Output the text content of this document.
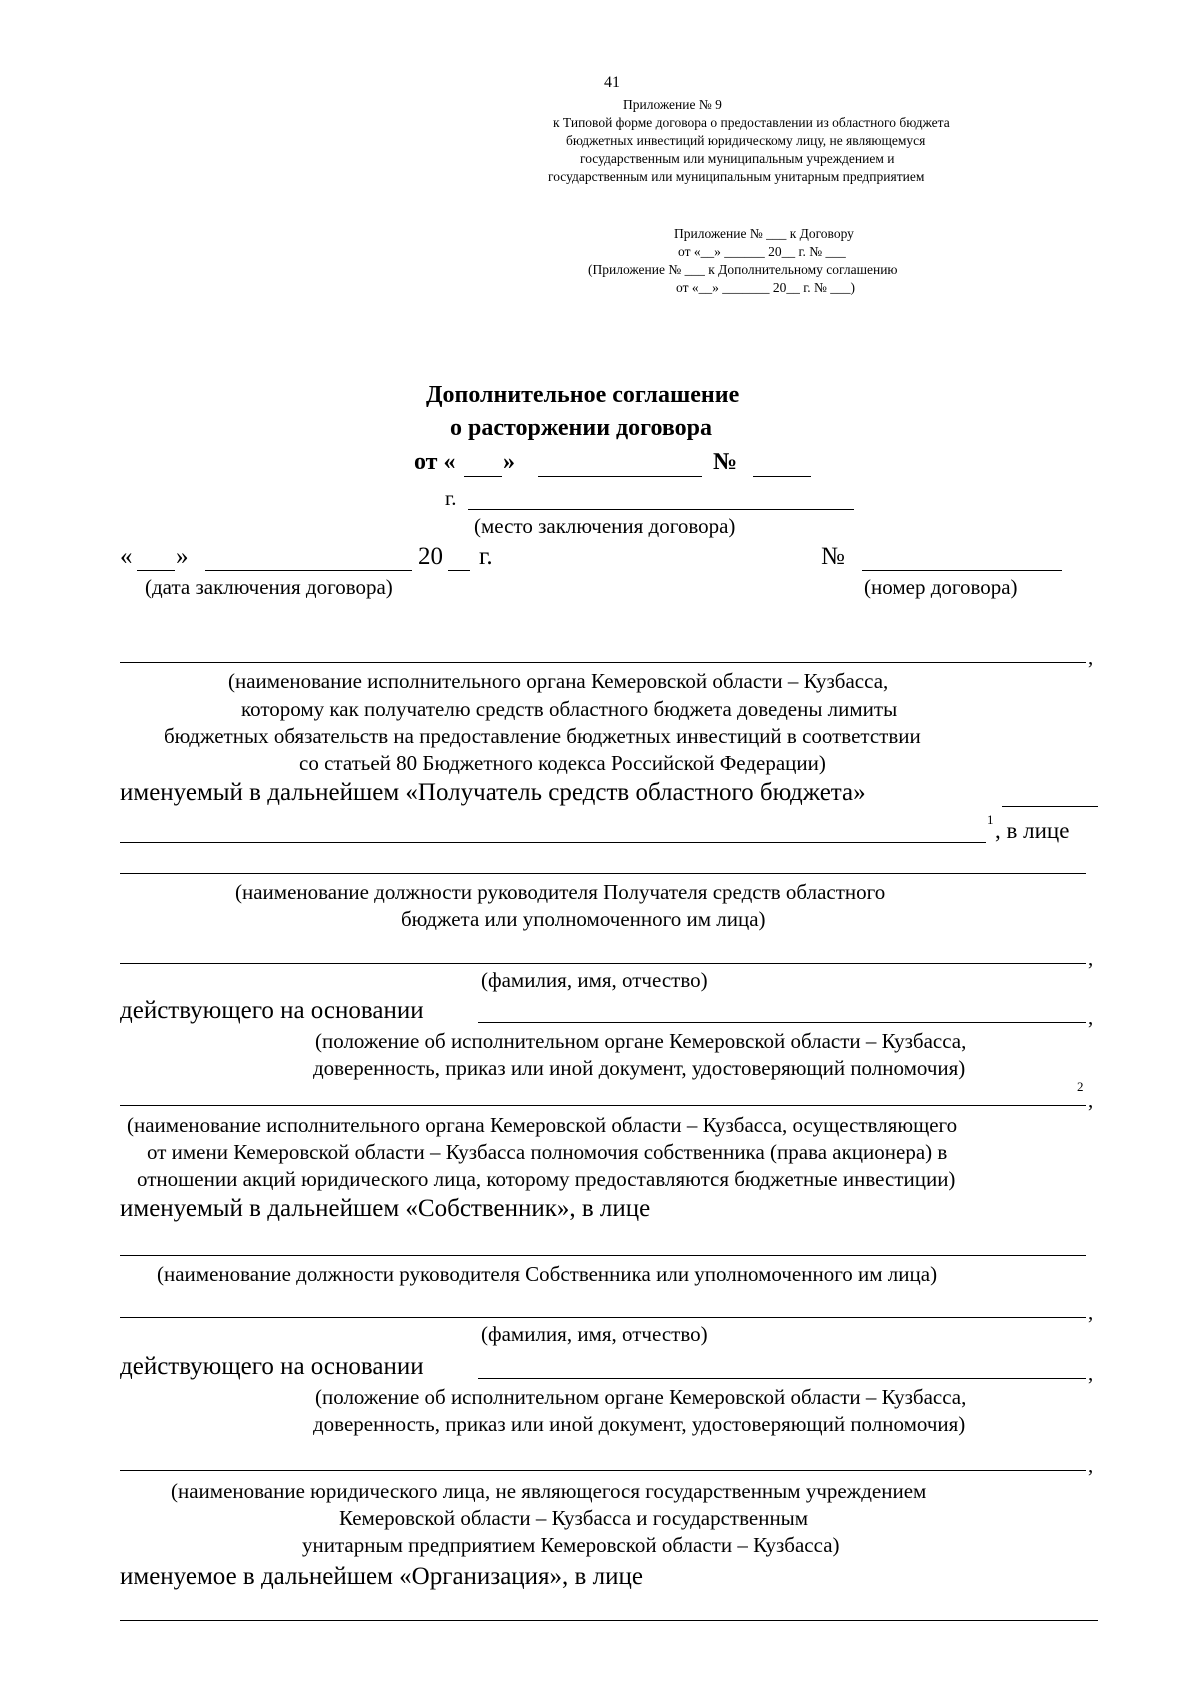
41
Приложение № 9
к Типовой форме договора о предоставлении из областного бюджета
бюджетных инвестиций юридическому лицу, не являющемуся
государственным или муниципальным учреждением и
государственным или муниципальным унитарным предприятием
Приложение № ___ к Договору
от «__» ______ 20__ г. № ___
(Приложение № ___ к Дополнительному соглашению
от «__» _______ 20__ г. № ___)
Дополнительное соглашение
о расторжении договора
от « »	№
г.
(место заключения договора)
« »	20 г.
(дата заключения договора)
№
(номер договора)
,
(наименование исполнительного органа Кемеровской области – Кузбасса,
которому как получателю средств областного бюджета доведены лимиты
бюджетных обязательств на предоставление бюджетных инвестиций в соответствии
со статьей 80 Бюджетного кодекса Российской Федерации)
именуемый в дальнейшем «Получатель средств областного бюджета»
1 , в лице
(наименование должности руководителя Получателя средств областного
бюджета или уполномоченного им лица)
,
(фамилия, имя, отчество)
действующего на основании	,
(положение об исполнительном органе Кемеровской области – Кузбасса,
доверенность, приказ или иной документ, удостоверяющий полномочия)
2
,
(наименование исполнительного органа Кемеровской области – Кузбасса, осуществляющего
от имени Кемеровской области – Кузбасса полномочия собственника (права акционера) в
отношении акций юридического лица, которому предоставляются бюджетные инвестиции)
именуемый в дальнейшем «Собственник», в лице
(наименование должности руководителя Собственника или уполномоченного им лица)
,
(фамилия, имя, отчество)
действующего на основании	,
(положение об исполнительном органе Кемеровской области – Кузбасса,
доверенность, приказ или иной документ, удостоверяющий полномочия)
,
(наименование юридического лица, не являющегося государственным учреждением
Кемеровской области – Кузбасса и государственным
унитарным предприятием Кемеровской области – Кузбасса)
именуемое в дальнейшем «Организация», в лице
